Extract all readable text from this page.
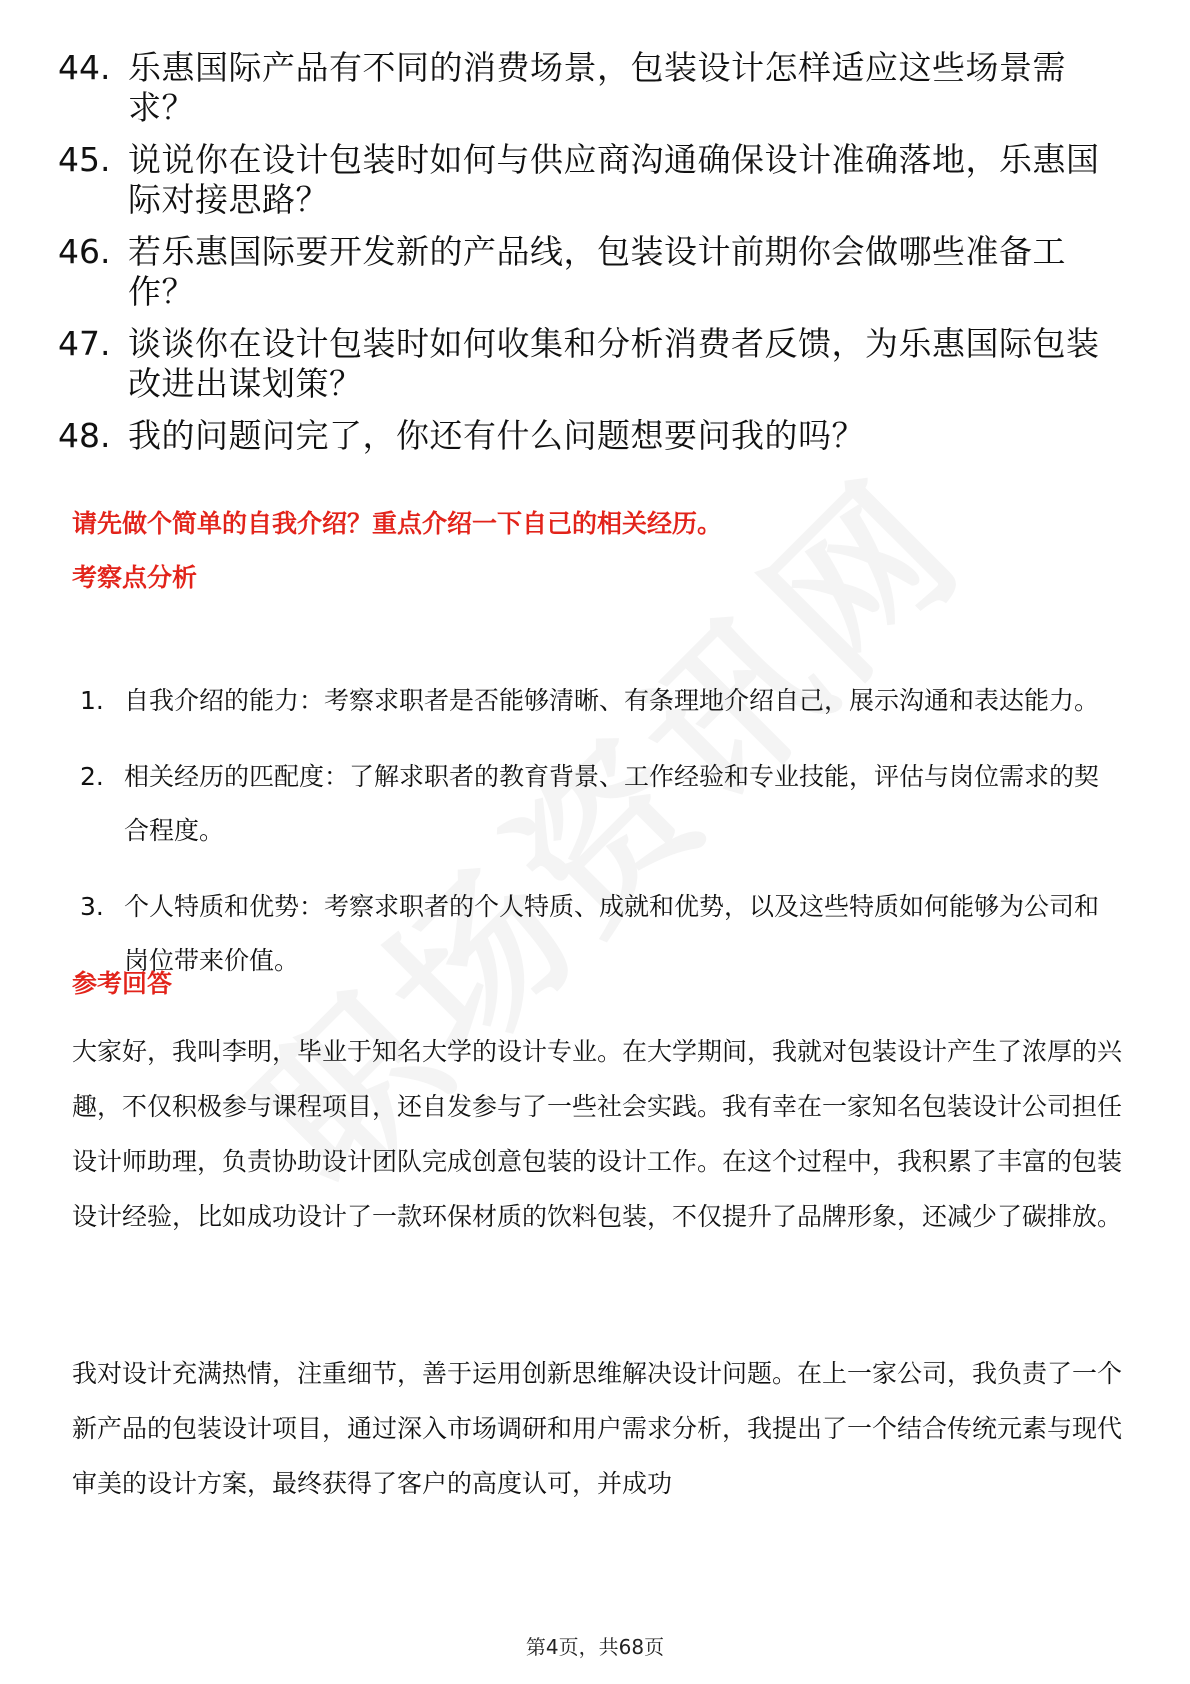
44. 乐惠国际产品有不同的消费场景，包装设计怎样适应这些场景需求？
45. 说说你在设计包装时如何与供应商沟通确保设计准确落地，乐惠国际对接思路？
46. 若乐惠国际要开发新的产品线，包装设计前期你会做哪些准备工作？
47. 谈谈你在设计包装时如何收集和分析消费者反馈，为乐惠国际包装改进出谋划策？
48. 我的问题问完了，你还有什么问题想要问我的吗？
请先做个简单的自我介绍？重点介绍一下自己的相关经历。
考察点分析
1. 自我介绍的能力：考察求职者是否能够清晰、有条理地介绍自己，展示沟通和表达能力。
2. 相关经历的匹配度：了解求职者的教育背景、工作经验和专业技能，评估与岗位需求的契合程度。
3. 个人特质和优势：考察求职者的个人特质、成就和优势，以及这些特质如何能够为公司和岗位带来价值。
参考回答
大家好，我叫李明，毕业于知名大学的设计专业。在大学期间，我就对包装设计产生了浓厚的兴趣，不仅积极参与课程项目，还自发参与了一些社会实践。我有幸在一家知名包装设计公司担任设计师助理，负责协助设计团队完成创意包装的设计工作。在这个过程中，我积累了丰富的包装设计经验，比如成功设计了一款环保材质的饮料包装，不仅提升了品牌形象，还减少了碳排放。
我对设计充满热情，注重细节，善于运用创新思维解决设计问题。在上一家公司，我负责了一个新产品的包装设计项目，通过深入市场调研和用户需求分析，我提出了一个结合传统元素与现代审美的设计方案，最终获得了客户的高度认可，并成功
第4页，共68页
